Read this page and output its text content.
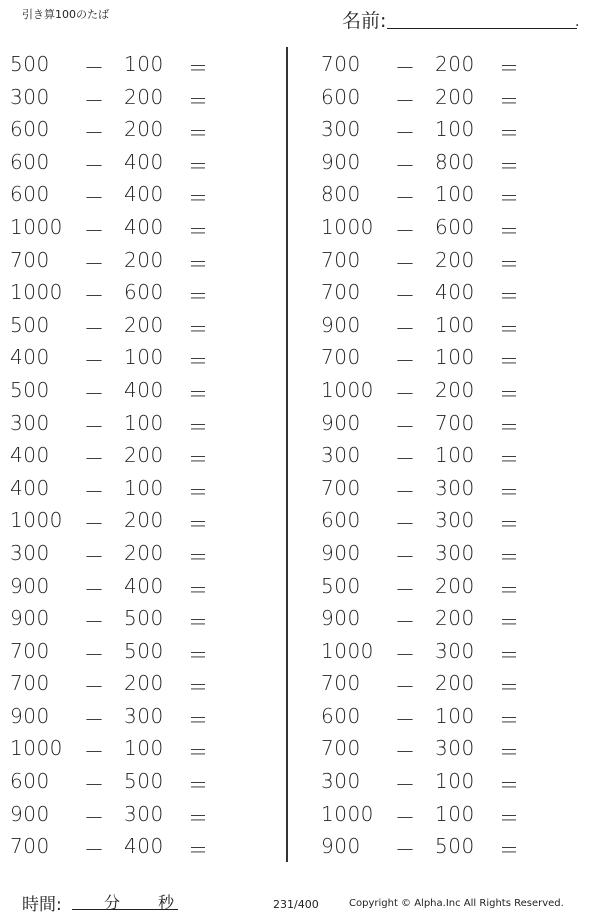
引き算100のたば	名前:	.
500 － 100 ＝
300 － 200 ＝
600 － 200 ＝
600 － 400 ＝
600 － 400 ＝
1000 － 400 ＝
700 － 200 ＝
1000 － 600 ＝
500 － 200 ＝
400 － 100 ＝
500 － 400 ＝
300 － 100 ＝
400 － 200 ＝
400 － 100 ＝
1000 － 200 ＝
300 － 200 ＝
900 － 400 ＝
900 － 500 ＝
700 － 500 ＝
700 － 200 ＝
900 － 300 ＝
1000 － 100 ＝
600 － 500 ＝
900 － 300 ＝
700 － 400 ＝
700 － 200 ＝
600 － 200 ＝
300 － 100 ＝
900 － 800 ＝
800 － 100 ＝
1000 － 600 ＝
700 － 200 ＝
700 － 400 ＝
900 － 100 ＝
700 － 100 ＝
1000 － 200 ＝
900 － 700 ＝
300 － 100 ＝
700 － 300 ＝
600 － 300 ＝
900 － 300 ＝
500 － 200 ＝
900 － 200 ＝
1000 － 300 ＝
700 － 200 ＝
600 － 100 ＝
700 － 300 ＝
300 － 100 ＝
1000 － 100 ＝
900 － 500 ＝
時間:	分 秒	231/400	Copyright © Alpha.Inc All Rights Reserved.
